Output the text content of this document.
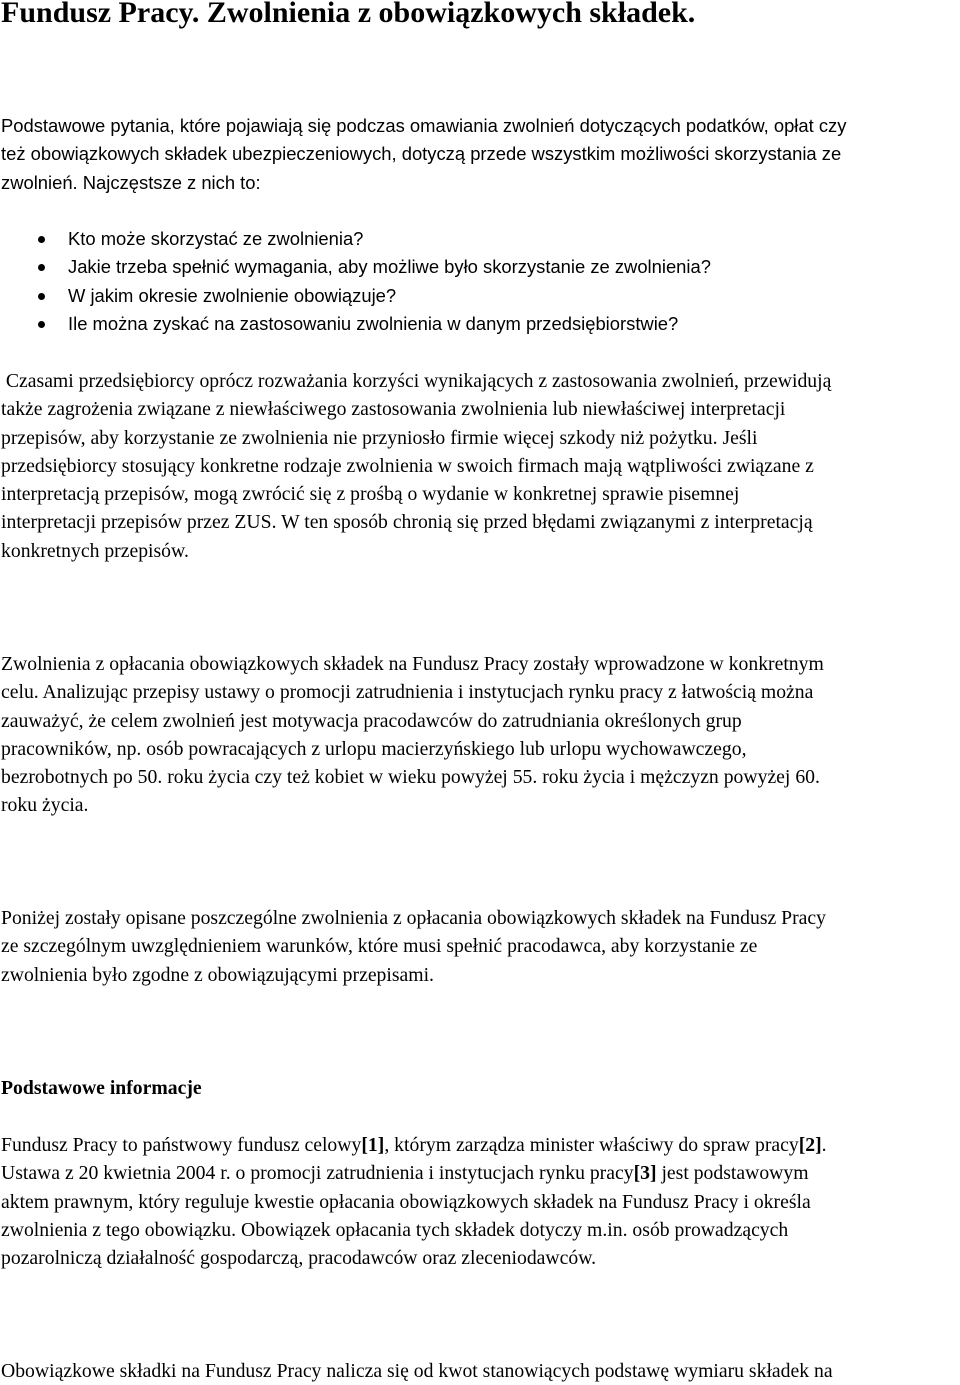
Fundusz Pracy. Zwolnienia z obowiązkowych składek.

Podstawowe pytania, które pojawiają się podczas omawiania zwolnień dotyczących podatków, opłat czy
też obowiązkowych składek ubezpieczeniowych, dotyczą przede wszystkim możliwości skorzystania ze
zwolnień. Najczęstsze z nich to:

Kto może skorzystać ze zwolnienia?
Jakie trzeba spełnić wymagania, aby możliwe było skorzystanie ze zwolnienia?
W jakim okresie zwolnienie obowiązuje?
Ile można zyskać na zastosowaniu zwolnienia w danym przedsiębiorstwie?

Czasami przedsiębiorcy oprócz rozważania korzyści wynikających z zastosowania zwolnień, przewidują
także zagrożenia związane z niewłaściwego zastosowania zwolnienia lub niewłaściwej interpretacji
przepisów, aby korzystanie ze zwolnienia nie przyniosło firmie więcej szkody niż pożytku. Jeśli
przedsiębiorcy stosujący konkretne rodzaje zwolnienia w swoich firmach mają wątpliwości związane z
interpretacją przepisów, mogą zwrócić się z prośbą o wydanie w konkretnej sprawie pisemnej
interpretacji przepisów przez ZUS. W ten sposób chronią się przed błędami związanymi z interpretacją
konkretnych przepisów.

Zwolnienia z opłacania obowiązkowych składek na Fundusz Pracy zostały wprowadzone w konkretnym
celu. Analizując przepisy ustawy o promocji zatrudnienia i instytucjach rynku pracy z łatwością można
zauważyć, że celem zwolnień jest motywacja pracodawców do zatrudniania określonych grup
pracowników, np. osób powracających z urlopu macierzyńskiego lub urlopu wychowawczego,
bezrobotnych po 50. roku życia czy też kobiet w wieku powyżej 55. roku życia i mężczyzn powyżej 60.
roku życia.

Poniżej zostały opisane poszczególne zwolnienia z opłacania obowiązkowych składek na Fundusz Pracy
ze szczególnym uwzględnieniem warunków, które musi spełnić pracodawca, aby korzystanie ze
zwolnienia było zgodne z obowiązującymi przepisami.

Podstawowe informacje

Fundusz Pracy to państwowy fundusz celowy[1], którym zarządza minister właściwy do spraw pracy[2].
Ustawa z 20 kwietnia 2004 r. o promocji zatrudnienia i instytucjach rynku pracy[3] jest podstawowym
aktem prawnym, który reguluje kwestie opłacania obowiązkowych składek na Fundusz Pracy i określa
zwolnienia z tego obowiązku. Obowiązek opłacania tych składek dotyczy m.in. osób prowadzących
pozarolniczą działalność gospodarczą, pracodawców oraz zleceniodawców.

Obowiązkowe składki na Fundusz Pracy nalicza się od kwot stanowiących podstawę wymiaru składek na
